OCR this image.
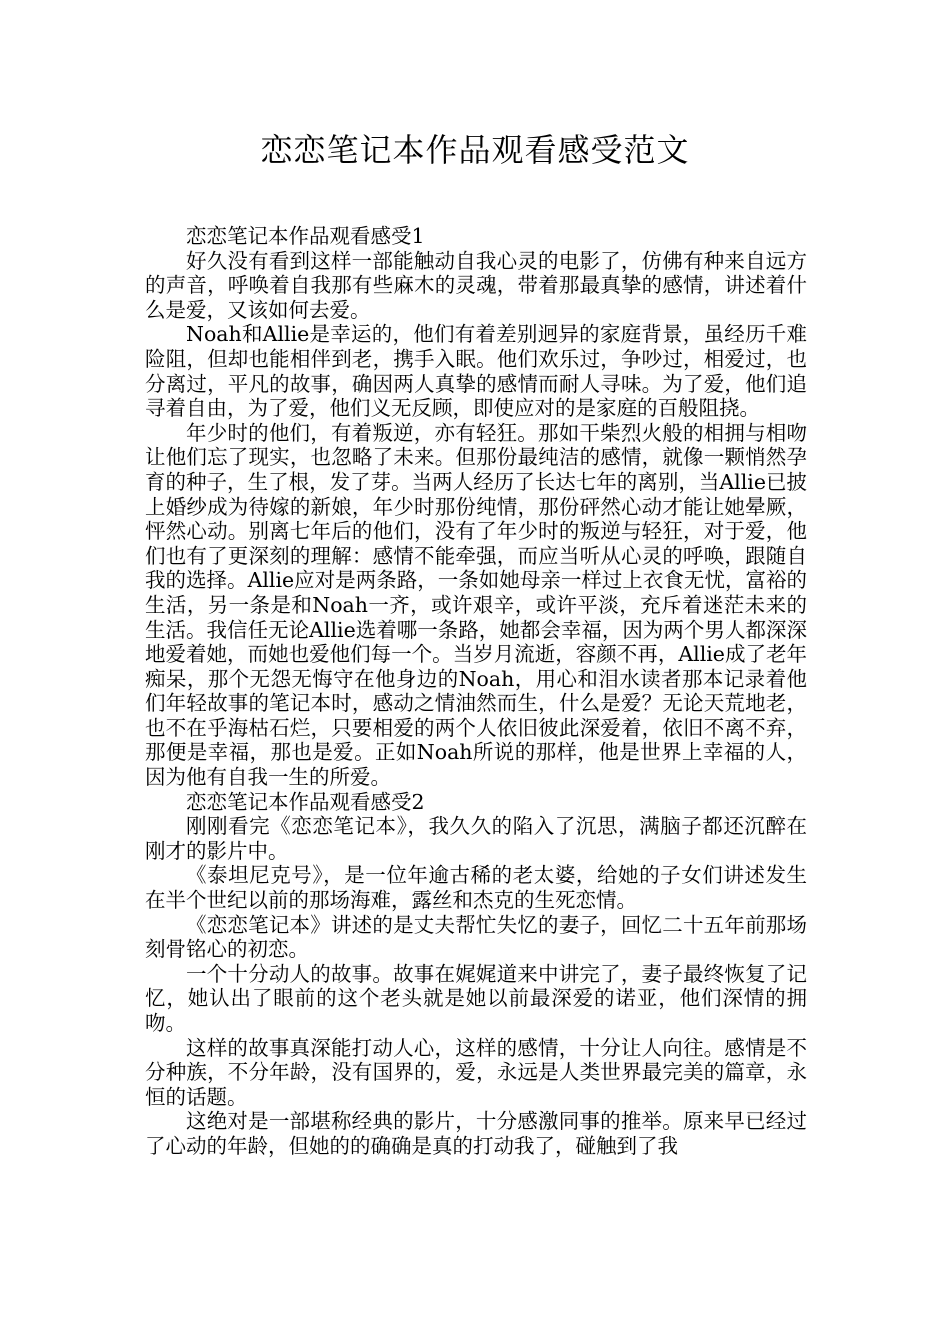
恋恋笔记本作品观看感受范文

恋恋笔记本作品观看感受1

好久没有看到这样一部能触动自我心灵的电影了，仿佛有种来自远方的声音，呼唤着自我那有些麻木的灵魂，带着那最真挚的感情，讲述着什么是爱，又该如何去爱。

Noah和Allie是幸运的，他们有着差别迥异的家庭背景，虽经历千难险阻，但却也能相伴到老，携手入眠。他们欢乐过，争吵过，相爱过，也分离过，平凡的故事，确因两人真挚的感情而耐人寻味。为了爱，他们追寻着自由，为了爱，他们义无反顾，即使应对的是家庭的百般阻挠。

年少时的他们，有着叛逆，亦有轻狂。那如干柴烈火般的相拥与相吻让他们忘了现实，也忽略了未来。但那份最纯洁的感情，就像一颗悄然孕育的种子，生了根，发了芽。当两人经历了长达七年的离别，当Allie已披上婚纱成为待嫁的新娘，年少时那份纯情，那份砰然心动才能让她晕厥，怦然心动。别离七年后的他们，没有了年少时的叛逆与轻狂，对于爱，他们也有了更深刻的理解：感情不能牵强，而应当听从心灵的呼唤，跟随自我的选择。Allie应对是两条路，一条如她母亲一样过上衣食无忧，富裕的生活，另一条是和Noah一齐，或许艰辛，或许平淡，充斥着迷茫未来的生活。我信任无论Allie选着哪一条路，她都会幸福，因为两个男人都深深地爱着她，而她也爱他们每一个。当岁月流逝，容颜不再，Allie成了老年痴呆，那个无怨无悔守在他身边的Noah，用心和泪水读者那本记录着他们年轻故事的笔记本时，感动之情油然而生，什么是爱？无论天荒地老，也不在乎海枯石烂，只要相爱的两个人依旧彼此深爱着，依旧不离不弃，那便是幸福，那也是爱。正如Noah所说的那样，他是世界上幸福的人，因为他有自我一生的所爱。

恋恋笔记本作品观看感受2

刚刚看完《恋恋笔记本》，我久久的陷入了沉思，满脑子都还沉醉在刚才的影片中。

《泰坦尼克号》，是一位年逾古稀的老太婆，给她的子女们讲述发生在半个世纪以前的那场海难，露丝和杰克的生死恋情。

《恋恋笔记本》讲述的是丈夫帮忙失忆的妻子，回忆二十五年前那场刻骨铭心的初恋。

一个十分动人的故事。故事在娓娓道来中讲完了，妻子最终恢复了记忆，她认出了眼前的这个老头就是她以前最深爱的诺亚，他们深情的拥吻。

这样的故事真深能打动人心，这样的感情，十分让人向往。感情是不分种族，不分年龄，没有国界的，爱，永远是人类世界最完美的篇章，永恒的话题。

这绝对是一部堪称经典的影片，十分感激同事的推举。原来早已经过了心动的年龄，但她的的确确是真的打动我了，碰触到了我
